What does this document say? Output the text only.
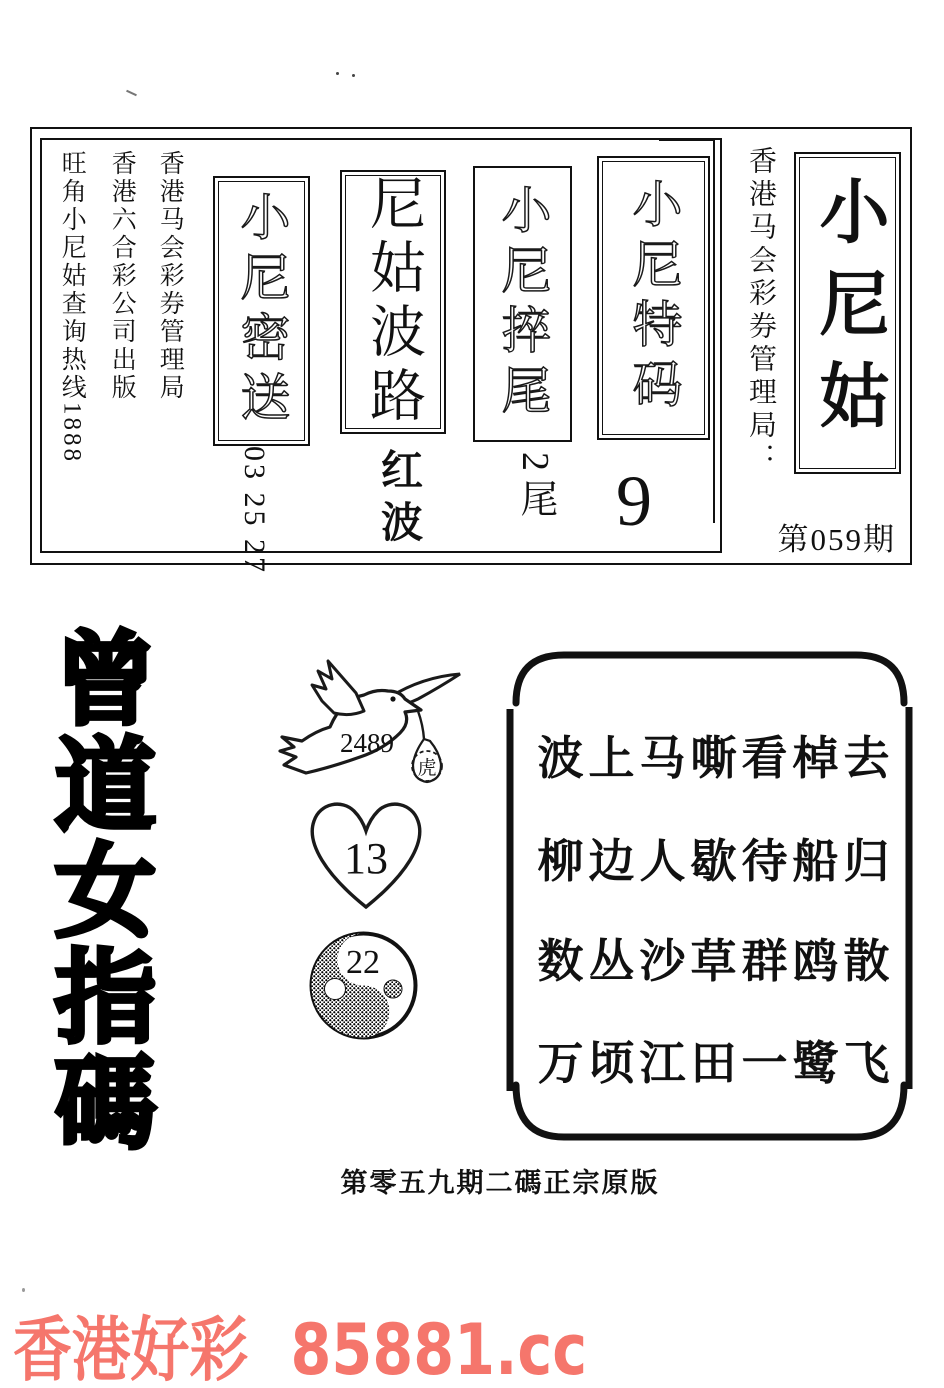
旺角小尼姑查询热线1888 香港六合彩公司出版 香港马会彩券管理局 小尼密送
03 25 27
尼姑波路
红波
小尼捽尾
2尾
小尼特码
9
香港马会彩券管理局： 小尼姑
第059期
曾道女指碼	虎
2489
13
22
波上马嘶看棹去
柳边人歇待船归
数丛沙草群鸥散
万顷江田一鹭飞
第零五九期二碼正宗原版
香港好彩 85881.cc
